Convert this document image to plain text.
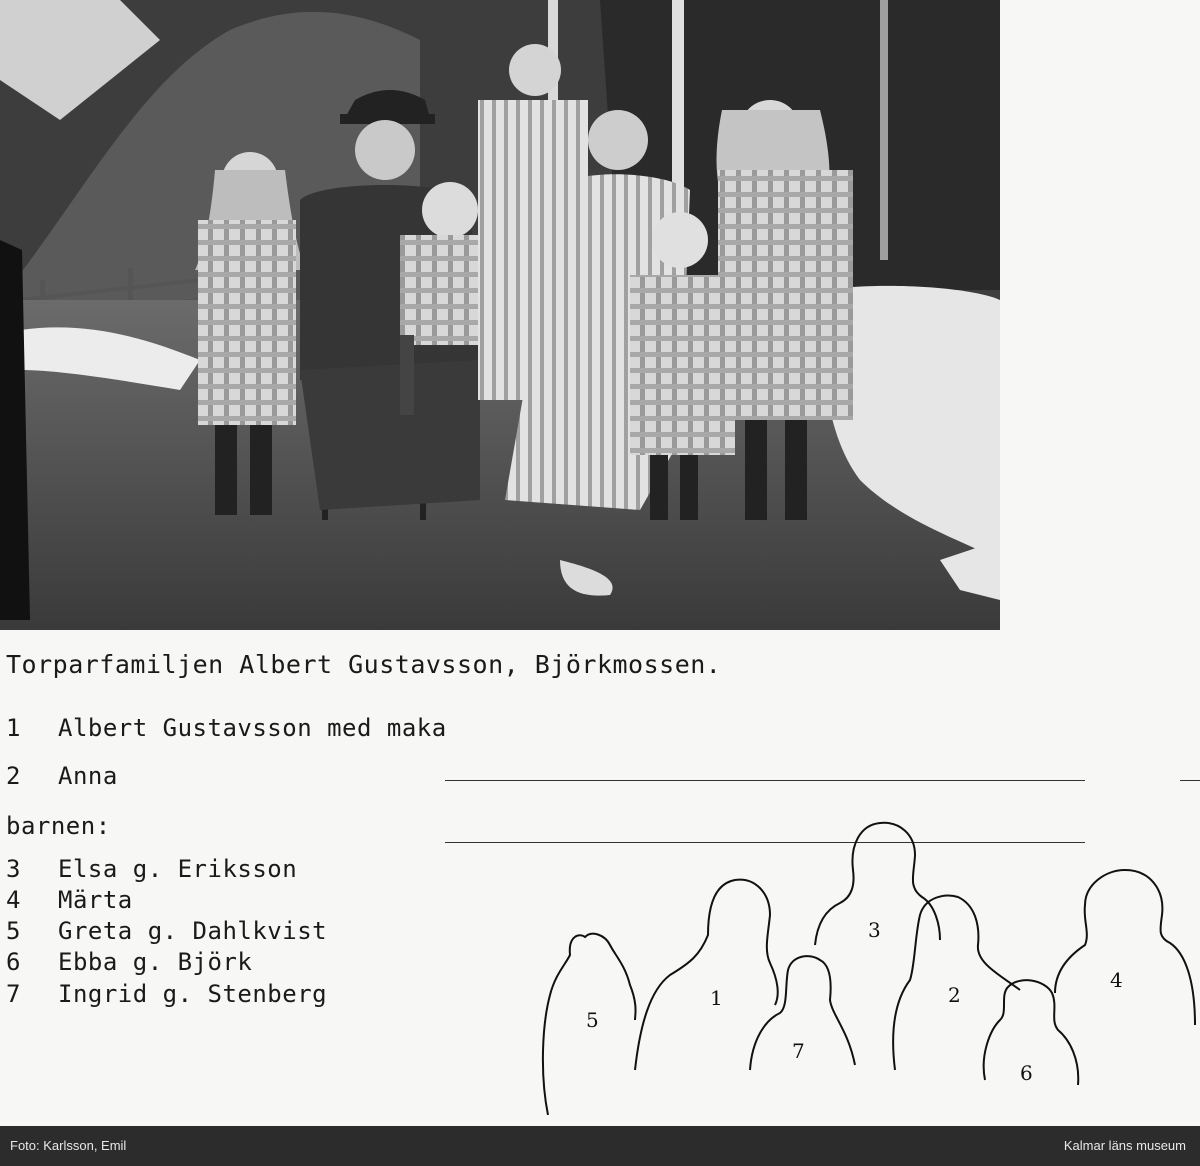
Torparfamiljen Albert Gustavsson, Björkmossen.
1 Albert Gustavsson med maka
2 Anna
barnen:
3 Elsa g. Eriksson
4 Märta
5 Greta g. Dahlkvist
6 Ebba g. Björk
7 Ingrid g. Stenberg
5
1
7
3
2
6
4
Foto: Karlsson, Emil	Kalmar läns museum
